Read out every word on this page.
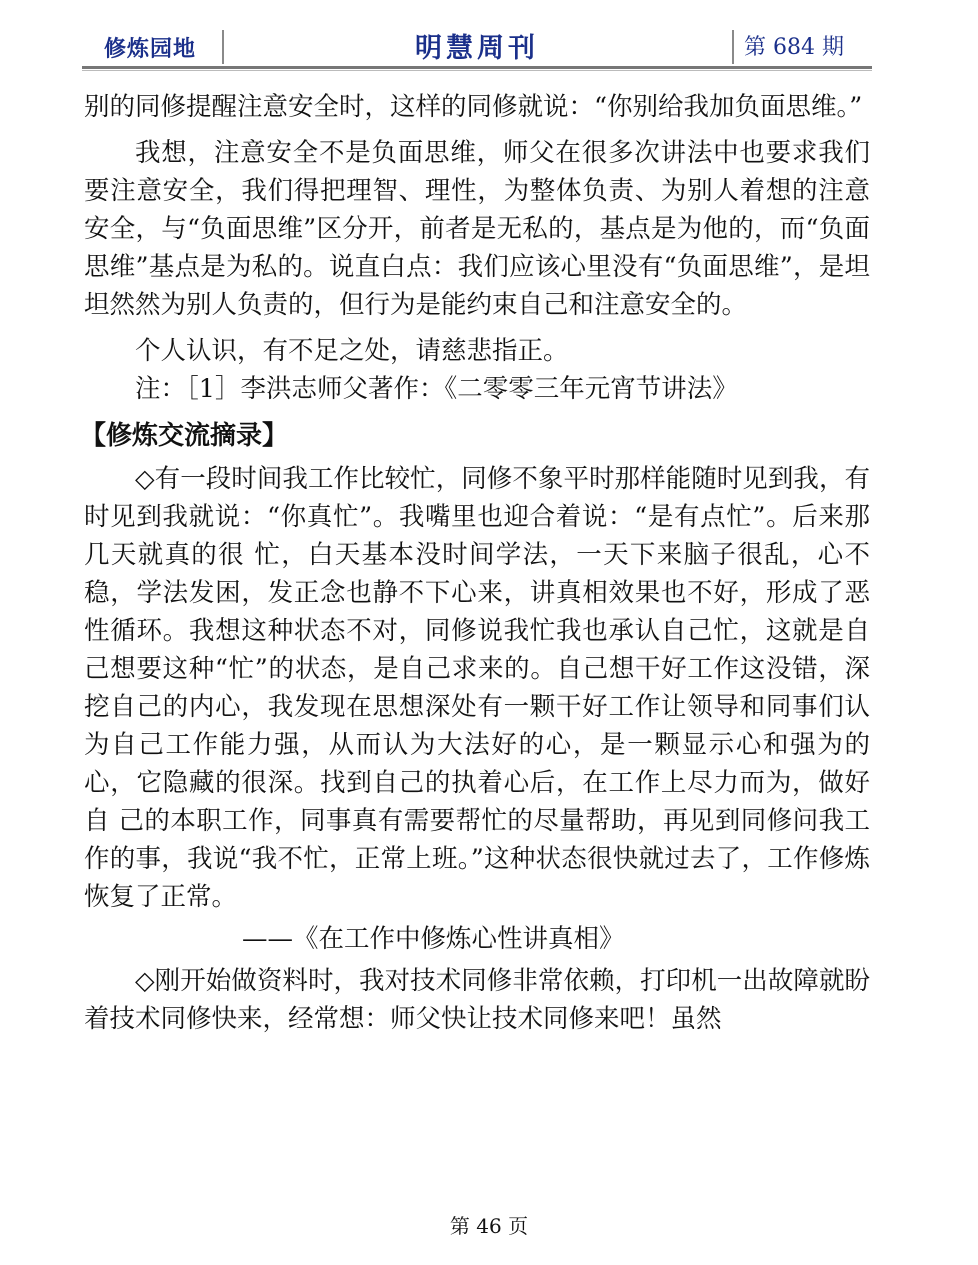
修炼园地	明慧周刊	第 684 期

别的同修提醒注意安全时，这样的同修就说：“你别给我加负面思维。”

我想，注意安全不是负面思维，师父在很多次讲法中也要求我们要注意安全，我们得把理智、理性，为整体负责、为别人着想的注意安全，与“负面思维”区分开，前者是无私的，基点是为他的，而“负面思维”基点是为私的。说直白点：我们应该心里没有“负面思维”，是坦坦然然为别人负责的，但行为是能约束自己和注意安全的。

个人认识，有不足之处，请慈悲指正。

注：［1］李洪志师父著作：《二零零三年元宵节讲法》

【修炼交流摘录】

◇有一段时间我工作比较忙，同修不象平时那样能随时见到我，有时见到我就说：“你真忙”。我嘴里也迎合着说：“是有点忙”。后来那几天就真的很 忙，白天基本没时间学法，一天下来脑子很乱，心不稳，学法发困，发正念也静不下心来，讲真相效果也不好，形成了恶性循环。我想这种状态不对，同修说我忙我也承认自己忙，这就是自己想要这种“忙”的状态，是自己求来的。自己想干好工作这没错，深挖自己的内心，我发现在思想深处有一颗干好工作让领导和同事们认为自己工作能力强，从而认为大法好的心，是一颗显示心和强为的心，它隐藏的很深。找到自己的执着心后，在工作上尽力而为，做好自 己的本职工作，同事真有需要帮忙的尽量帮助，再见到同修问我工作的事，我说“我不忙，正常上班。”这种状态很快就过去了，工作修炼恢复了正常。

——《在工作中修炼心性讲真相》

◇刚开始做资料时，我对技术同修非常依赖，打印机一出故障就盼着技术同修快来，经常想：师父快让技术同修来吧！虽然

第 46 页
